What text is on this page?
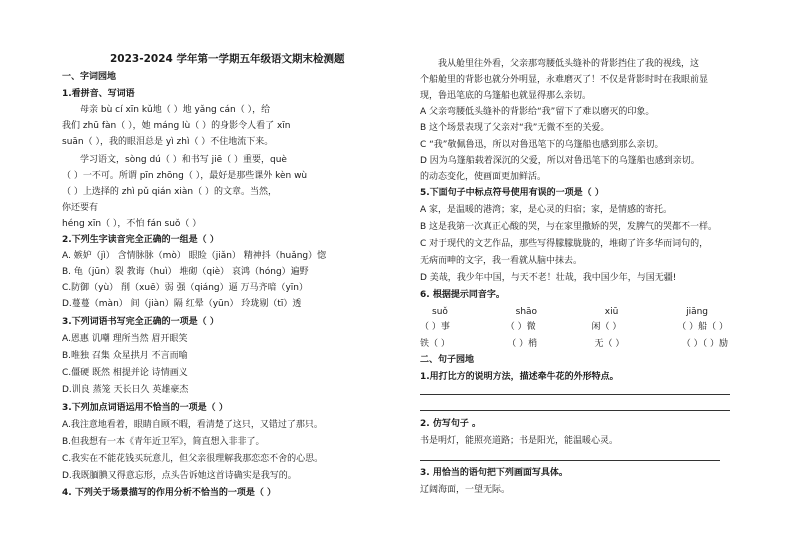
2023-2024 学年第一学期五年级语文期末检测题
一、字词园地
1.看拼音、写词语
母亲 bù cí xīn kǔ地（ ）地 yǎng cán（ ），给
我们 zhū fàn（ ），她 máng lù（ ）的身影令人看了 xīn
suān（ ），我的眼泪总是 yì zhì（ ）不住地流下来。
学习语文，sòng dú（ ）和书写 jiē（ ）重要，què
（ ）一不可。所谓 pīn zhōng（ ），最好是那些课外 kèn wù
（ ）上选择的 zhì pǔ qián xiàn（ ）的文章。当然，
你还要有
héng xīn（ ），不怕 fán suǒ（ ）
2.下列生字读音完全正确的一组是（ ）
A. 嫉妒（jì） 含情脉脉（mò） 眼睑（jiǎn） 精神抖（huǎng）惚
B. 龟（jūn）裂 教诲（huì） 堆砌（qiè） 哀鸿（hóng）遍野
C.防御（yù） 削（xuē）弱 强（qiáng）逼 万马齐喑（yīn）
D.蔓蔓（màn） 间（jiàn）隔 红晕（yūn） 玲珑剔（tī）透
3.下列词语书写完全正确的一项是（ ）
A.恩惠 讥嘲 理所当然 眉开眼笑
B.唯独 召集 众星拱月 不言而喻
C.僵硬 既然 相提并论 诗情画义
D.训良 蒸笼 天长日久 英雄豪杰
3.下列加点词语运用不恰当的一项是（ ）
A.我注意地看着，眼睛自顾不暇，看清楚了这只，又错过了那只。
B.但我想有一本《青年近卫军》，简直想入非非了。
C.我实在不能花钱买玩意儿，但父亲很理解我那恋恋不舍的心思。
D.我既腼腆又得意忘形，点头告诉她这首诗确实是我写的。
4. 下列关于场景描写的作用分析不恰当的一项是（ ）
suǒ	shāo	xiū	jiāng
（ ）事	（ ）微	闲（ ）	（ ）船（ ）
铁（ ）	（ ）梢	无（ ）	（ ）（ ）励
我从舱里往外看，父亲那弯腰低头缝补的背影挡住了我的视线，这
个船舱里的背影也就分外明显，永难磨灭了！不仅是背影时时在我眼前显
现，鲁迅笔底的乌篷船也就显得那么亲切。
A 父亲弯腰低头缝补的背影给“我”留下了难以磨灭的印象。
B 这个场景表现了父亲对“我”无微不至的关爱。
C “我”敬佩鲁迅，所以对鲁迅笔下的乌篷船也感到那么亲切。
D 因为乌篷船载着深沉的父爱，所以对鲁迅笔下的乌篷船也感到亲切。
的动态变化，使画面更加鲜活。
5.下面句子中标点符号使用有误的一项是（ ）
A 家，是温暖的港湾；家，是心灵的归宿；家，是情感的寄托。
B 这是我第一次真正心酸的哭，与在家里撒娇的哭，发脾气的哭都不一样。
C 对于现代的文艺作品，那些写得朦朦胧胧的，堆砌了许多华而词句的，
无病而呻的文字，我一看就从脑中抹去。
D 美哉，我少年中国，与天不老！壮哉，我中国少年，与国无疆!
6. 根据提示同音字。
二、句子园地
1.用打比方的说明方法，描述牵牛花的外形特点。
2. 仿写句子 。
书是明灯，能照亮道路；书是阳光，能温暖心灵。
3. 用恰当的语句把下列画面写具体。
辽阔海面，一望无际。
